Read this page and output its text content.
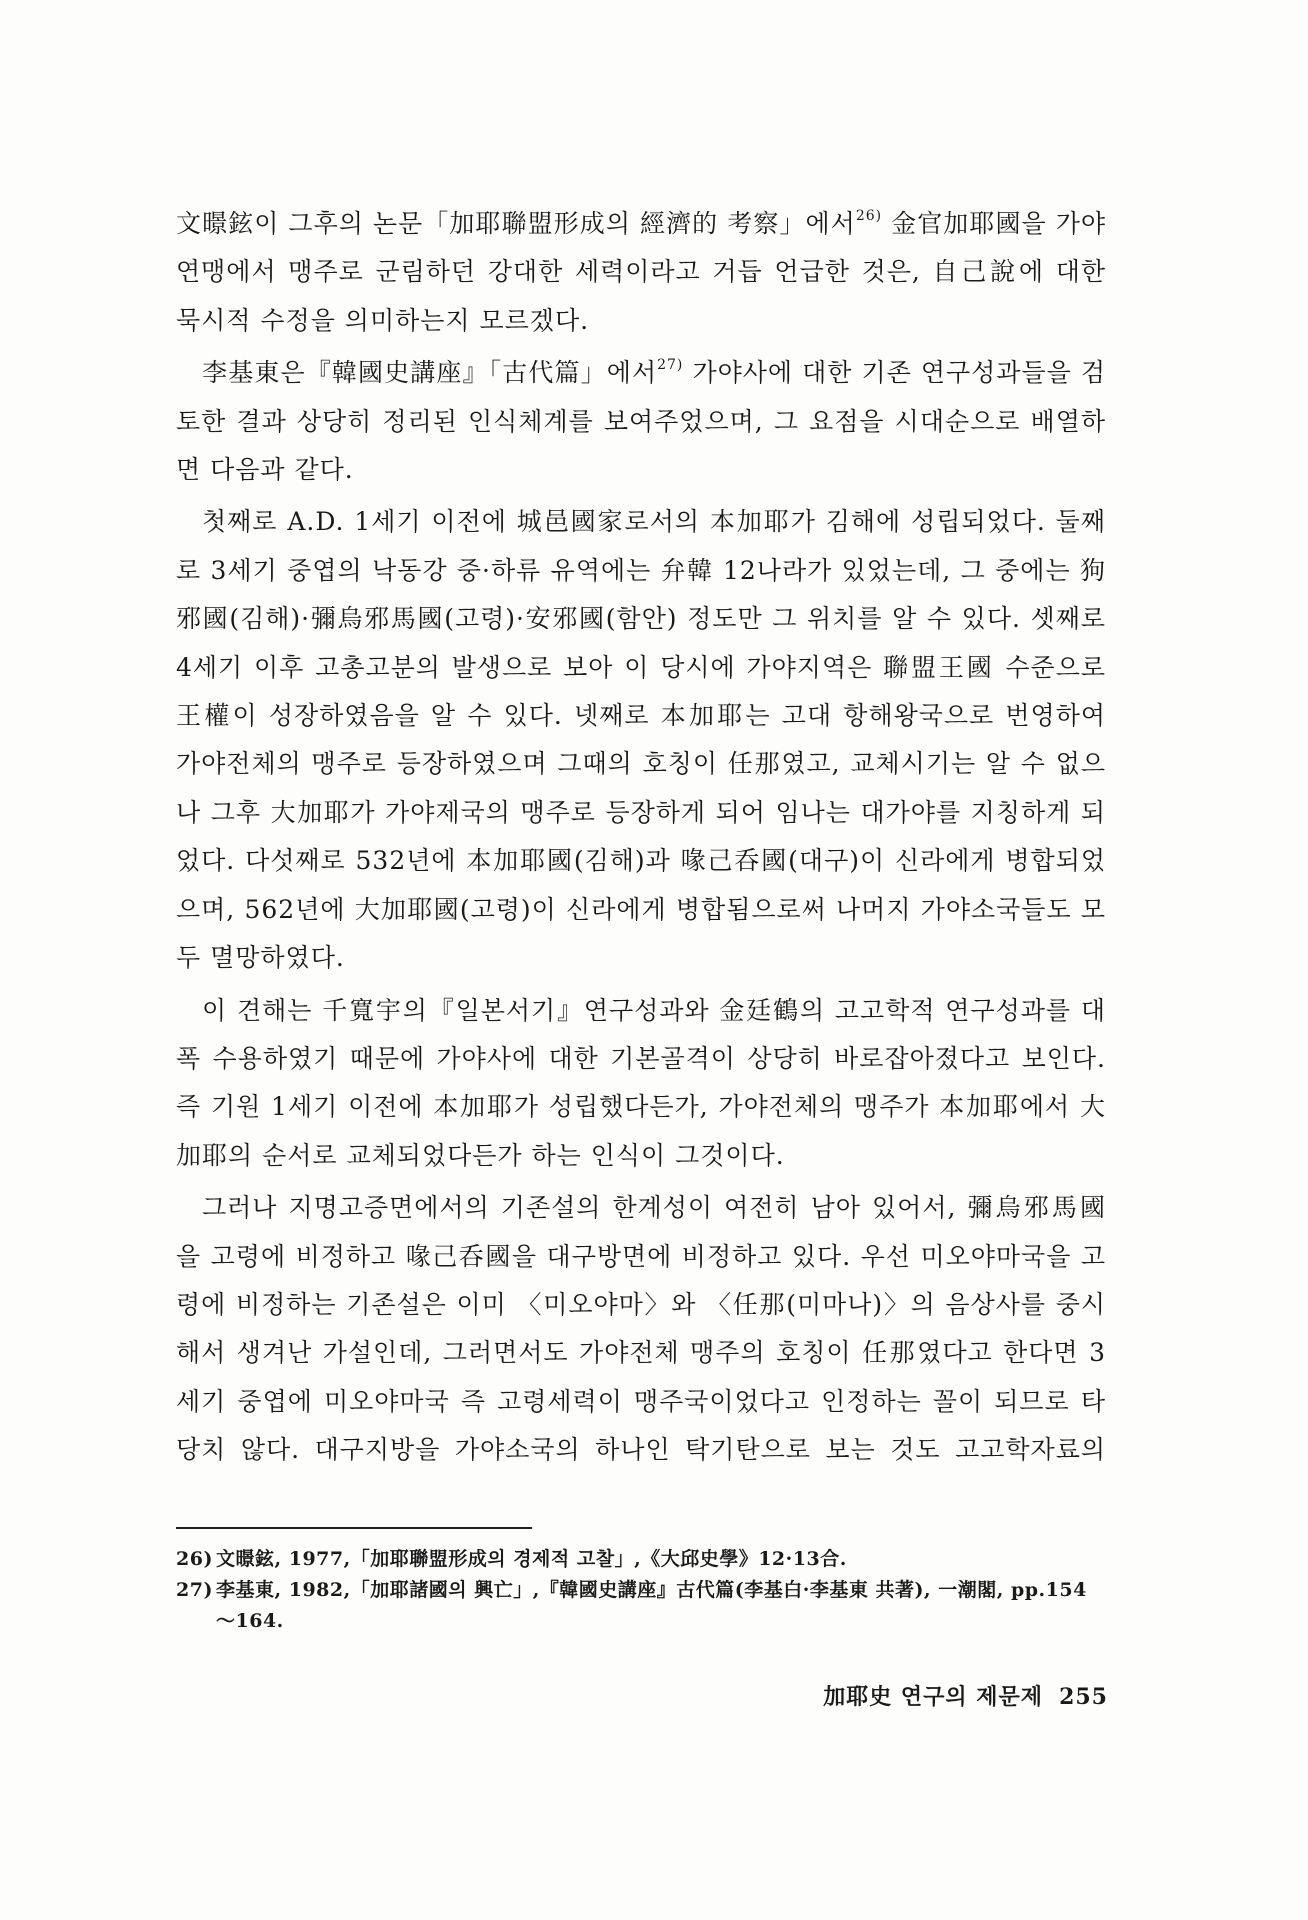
文暻鉉이 그후의 논문「加耶聯盟形成의 經濟的 考察」에서$^{26)}$ 金官加耶國을 가야연맹에서 맹주로 군림하던 강대한 세력이라고 거듭 언급한 것은, 自己說에 대한 묵시적 수정을 의미하는지 모르겠다.

李基東은『韓國史講座』「古代篇」에서$^{27)}$ 가야사에 대한 기존 연구성과들을 검토한 결과 상당히 정리된 인식체계를 보여주었으며, 그 요점을 시대순으로 배열하면 다음과 같다.

첫째로 A.D. 1세기 이전에 城邑國家로서의 本加耶가 김해에 성립되었다. 둘째로 3세기 중엽의 낙동강 중·하류 유역에는 弁韓 12나라가 있었는데, 그 중에는 狗邪國(김해)·彌烏邪馬國(고령)·安邪國(함안) 정도만 그 위치를 알 수 있다. 셋째로 4세기 이후 고총고분의 발생으로 보아 이 당시에 가야지역은 聯盟王國 수준으로 王權이 성장하였음을 알 수 있다. 넷째로 本加耶는 고대 항해왕국으로 번영하여 가야전체의 맹주로 등장하였으며 그때의 호칭이 任那였고, 교체시기는 알 수 없으나 그후 大加耶가 가야제국의 맹주로 등장하게 되어 임나는 대가야를 지칭하게 되었다. 다섯째로 532년에 本加耶國(김해)과 喙己呑國(대구)이 신라에게 병합되었으며, 562년에 大加耶國(고령)이 신라에게 병합됨으로써 나머지 가야소국들도 모두 멸망하였다.

이 견해는 千寬宇의『일본서기』연구성과와 金廷鶴의 고고학적 연구성과를 대폭 수용하였기 때문에 가야사에 대한 기본골격이 상당히 바로잡아졌다고 보인다. 즉 기원 1세기 이전에 本加耶가 성립했다든가, 가야전체의 맹주가 本加耶에서 大加耶의 순서로 교체되었다든가 하는 인식이 그것이다.

그러나 지명고증면에서의 기존설의 한계성이 여전히 남아 있어서, 彌烏邪馬國을 고령에 비정하고 喙己呑國을 대구방면에 비정하고 있다. 우선 미오야마국을 고령에 비정하는 기존설은 이미 〈미오야마〉와 〈任那(미마나)〉의 음상사를 중시해서 생겨난 가설인데, 그러면서도 가야전체 맹주의 호칭이 任那였다고 한다면 3세기 중엽에 미오야마국 즉 고령세력이 맹주국이었다고 인정하는 꼴이 되므로 타당치 않다. 대구지방을 가야소국의 하나인 탁기탄으로 보는 것도 고고학자료의

26) 文暻鉉, 1977,「加耶聯盟形成의 경제적 고찰」,《大邱史學》12·13合.

27) 李基東, 1982,「加耶諸國의 興亡」,『韓國史講座』古代篇(李基白·李基東 共著), 一潮閣, pp.154～164.

加耶史 연구의 제문제 255
